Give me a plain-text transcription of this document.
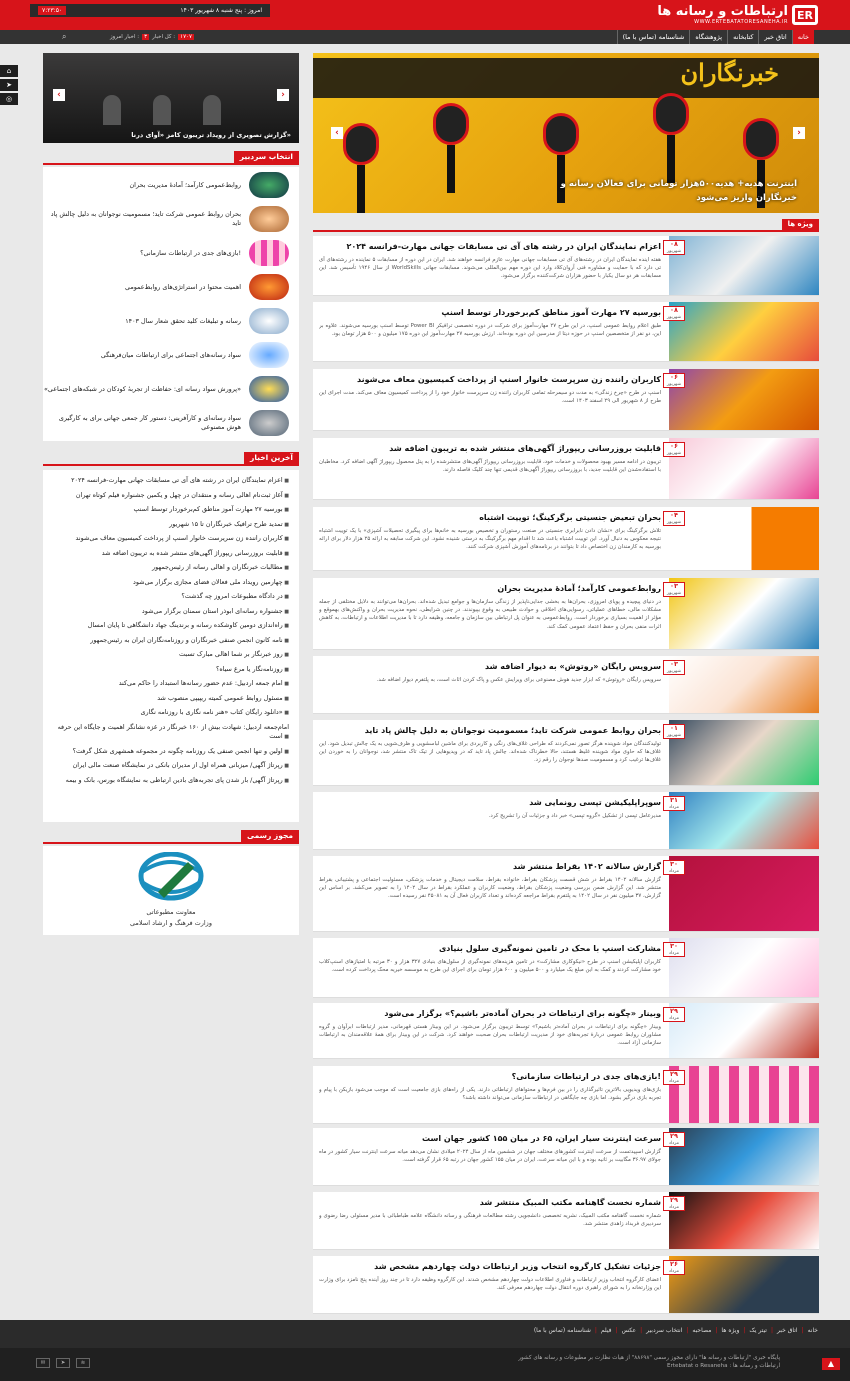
ارتباطات و رسانه ها
WWW.ERTEBATATORESANEHA.IR
ER
۷:۲۳:۵۰	امروز : پنج شنبه ۸ شهریور ۱۴۰۳
خانه
اتاق خبر
کتابخانه
پژوهشگاه
شناسنامه (تماس با ما)
اخبار امروز : ۳ کل اخبار : ۱۷۰۷
⌕
⌂
➤
◎
خبرنگاران
‹	›
اینترنت هدیه+ هدیه۵۰۰هزار تومانی برای فعالان رسانه و خبرنگاران واریز می‌شود
‹	›
گزارش تصویری از رویداد تریبون کامز «آوای درنا»
انتخاب سردبیر
روابط‌عمومی کارآمد؛ آمادهٔ مدیریت بحران
بحران روابط عمومی شرکت تاید؛ مسمومیت نوجوانان به دلیل چالش پاد تاید
بازی‌های جدی در ارتباطات سازمانی؟!
اهمیت محتوا در استراتژی‌های روابط‌عمومی
رسانه و تبلیغات کلید تحقق شعار سال ۱۴۰۳
سواد رسانه‌های اجتماعی برای ارتباطات میان‌فرهنگی
«پرورش سواد رسانه ای: حفاظت از تجربهٔ کودکان در شبکه‌های اجتماعی»
سواد رسانه‌ای و کارآفرینی: دستور کار جمعی جهانی برای به کارگیری هوش مصنوعی
آخرین اخبار
اعزام نمایندگان ایران در رشته های آی تی مسابقات جهانی مهارت-فرانسه ۲۰۲۴ ■
آغاز ثبت‌نام اهالی رسانه و منتقدان در چهل و یکمین جشنواره فیلم کوتاه تهران ■
بورسیه ۲۷ مهارت آموز مناطق کم‌برخوردار توسط اسنپ ■
تمدید طرح ترافیک خبرنگاران تا ۱۵ شهریور ■
کاربران راننده زن سریرست خانوار اسنپ از پرداخت کمیسیون معاف می‌شوند ■
قابلیت بروزرسانی ریپوراژ آگهی‌های منتشر شده به تریبون اضافه شد ■
مطالبات خبرنگاران و اهالی رسانه از رئیس‌جمهور ■
چهارمین رویداد ملی فعالان فضای مجازی برگزار می‌شود ■
در دادگاه مطبوعات امروز چه گذشت؟ ■
جشنواره رسانه‌ای ابوذر استان سمنان برگزار می‌شود ■
راه‌اندازی دومین کاوشکده رسانه و برندینگ جهاد دانشگاهی تا پایان امسال ■
نامه کانون انجمن صنفی خبرنگاران و روزنامه‌نگاران ایران به رئیس‌جمهور ■
روز خبرنگار بر شما اهالی مبارک تسبت ■
روزنامه‌نگار یا مرغ سیاه؟ ■
امام جمعه اردبیل: عدم حضور رسانه‌ها استبداد را حاکم می‌کند ■
مسئول روابط عمومی کمیته ریپیپی منصوب شد ■
دانلود رایگان کتاب «هنر نامه نگاری با روزنامه نگاری» ■
امام‌جمعه اردبیل: شهادت بیش از ۱۶۰ خبرنگار در غزه نشانگر اهمیت و جایگاه این حرفه است ■
اولین و تنها انجمن صنفی یک روزنامه چگونه در مجموعه همشهری شکل گرفت؟ ■
رپرتاژ آگهی/ میزبانی همراه اول از مدیران بانکی در نمایشگاه صنعت مالی ایران ■
رپرتاژ آگهی/ بار شدن پای تجربه‌های بادین ارتباطی به نمایشگاه بورس، بانک و بیمه ■
مجوز رسمی
معاونت مطبوعاتی
وزارت فرهنگ و ارشاد اسلامی
ویژه ها
۰۸
شهریور
اعزام نمایندگان ایران در رشته های آی تی مسابقات جهانی مهارت-فرانسه ۲۰۲۴
هفته اینده نمایندگان ایران در رشته‌های آی تی مسابقات جهانی مهارت عازم فرانسه خواهند شد. ایران در این دوره از مسابقات ۵ نماینده در رشته‌های آی تی دارد که با حمایت و مشاوره فنی آروان‌کلاد وارد این دوره مهم بین‌المللی می‌شوند. مسابقات جهانی WorldSkills از سال ۱۹۴۶ تأسیس شد. این مسابقات هر دو سال یکبار با حضور هزاران شرکت‌کننده برگزار می‌شود.
۰۸
شهریور
بورسیه ۲۷ مهارت آموز مناطق کم‌برخوردار توسط اسنپ
طبق اعلام روابط عمومی اسنپ، در این طرح ۲۷ مهارت‌آموز برای شرکت در دوره تخصصی ترافیکر Power BI توسط اسنپ بورسیه می‌شوند. علاوه بر این، دو نفر از متخصصین اسنپ در حوزه دیتا از مدرسین این دوره بوده‌اند. ارزش بورسیه ۲۷ مهارت‌آموز این دوره ۱۷۵ میلیون و ۵۰۰ هزار تومان بود.
۰۶
شهریور
کاربران راننده زن سرپرست خانوار اسنپ از پرداخت کمیسیون معاف می‌شوند
اسنپ در طرح «چرخ زندگی» به مدت دو سیمرحله تمامی کاربران راننده زن سرپرست خانوار خود را از پرداخت کمیسیون معاف می‌کند. مدت اجرای این طرح از ۸ شهریور الی ۲۹ اسفند ۱۴۰۳ است.
۰۶
شهریور
قابلیت بروزرسانی ریپوراژ آگهی‌های منتشر شده به تریبون اضافه شد
تریبون در ادامه مسیر بهبود محصولات و خدمات خود، قابلیت بروزرسانی ریپوراژ آگهی‌های منتشرشده را به پنل محصول ریپوراژ آگهی اضافه کرد. مخاطبان با استفاده‌شدن این قابلیت جدید، با بروزرسانی ریپوراژ آگهی‌های قدیمی تنها چند کلیک فاصله دارند.
۰۴
شهریور
بحران تبعیض جنسیتی برگرکینگ؛ توییت اشتباه
تلاش برگرکینگ برای «نشان دادن نابرابری جنسیتی در صنعت رستوران و تخصیص بورسیه به خانم‌ها برای پیگیری تحصیلات آشپزی» با یک توییت اشتباه نتیجه معکوس به دنبال آورد. این توییت اشتباه باعث شد تا اقدام مهم برگرکینگ به درستی شنیده نشود. این شرکت سابقه به ارائه ۲۵ هزار دلار برای ارائه بورسیه به کارمندان زن اختصاص داد تا بتوانند در برنامه‌های آموزش آشپزی شرکت کنند.
۰۳
شهریور
روابط‌عمومی کارآمد؛ آمادهٔ مدیریت بحران
در دنیای پیچیده و پویای امروزی، بحران‌ها به بخشی جدایی‌ناپذیر از زندگی سازمان‌ها و جوامع تبدیل شده‌اند. بحران‌ها می‌توانند به دلایل مختلفی از جمله مشکلات مالی، خطاهای عملیاتی، رسوایی‌های اخلاقی و حوادث طبیعی به وقوع بپیوندند. در چنین شرایطی، نحوه مدیریت بحران و واکنش‌های بهموقع و مؤثر از اهمیت بسیاری برخوردار است. روابط‌عمومی به عنوان پل ارتباطی بین سازمان و جامعه، وظیفه دارد تا با مدیریت اطلاعات و ارتباطات، به کاهش اثرات منفی بحران و حفظ اعتماد عمومی کمک کند.
۰۳
شهریور
سرویس رایگان «روتوش» به دیوار اضافه شد
سرویس رایگان «روتوش» که ابزار جدید هوش مصنوعی برای ویرایش عکس و پاک کردن اثاث است، به پلتفرم دیوار اضافه شد.
۰۱
شهریور
بحران روابط عمومی شرکت تاید؛ مسمومیت نوجوانان به دلیل چالش پاد تاید
تولیدکنندگان مواد شوینده هرگز تصور نمی‌کردند که طراحی غلاف‌های رنگی و کاربردی برای ماشین لباسشویی و ظرف‌شویی به یک چالش تبدیل شود. این غلاف‌ها که حاوی مواد شوینده غلیظ هستند، حالا خطرناک شده‌اند. چالش پاد تاید که در ویدیوهایی از تیک تاک منتشر شد، نوجوانان را به خوردن این غلاف‌ها ترغیب کرد و مسمومیت صدها نوجوان را رقم زد.
۳۱
مرداد
سوپراپلیکیشن تپسی رونمایی شد
مدیرعامل تپسی از تشکیل «گروه تپسی» خبر داد و جزئیات آن را تشریح کرد.
۳۰
مرداد
گزارش سالانه ۱۴۰۲ بقراط منتشر شد
گزارش سالانه ۱۴۰۲ بقراط در شش قسمت پزشکان بقراط، خانواده بقراط، سلامت دیجیتال و خدمات پزشکی، مسئولیت اجتماعی و پشتیبانی بقراط منتشر شد. این گزارش ضمن بررسی وضعیت پزشکان بقراط، وضعیت کاربران و عملکرد بقراط در سال ۱۴۰۲ را به تصویر می‌کشد. بر اساس این گزارش، ۳۷ میلیون نفر در سال ۱۴۰۲ به پلتفرم بقراط مراجعه کرده‌اند و تعداد کاربران فعال آن به ۴۵۰۸۱ نفر رسیده است.
۳۰
مرداد
مشارکت اسنپ با محک در تامین نمونه‌گیری سلول بنیادی
کاربران اپلیکیشن اسنپ در طرح «نیکوکاری مشارکت» در تامین هزینه‌های نمونه‌گیری از سلول‌های بنیادی ۳۲۷ هزار و ۳۰ مرتبه با امتیازهای اسنپ‌کلاب خود مشارکت کردند و کمک به این مبلغ یک میلیارد و ۵۰۰ میلیون و ۶۰۰ هزار تومان برای اجرای این طرح به موسسه خیریه محک پرداخت کرده است.
۲۹
مرداد
وبینار «چگونه برای ارتباطات در بحران آماده‌تر باشیم؟» برگزار می‌شود
وبینار «چگونه برای ارتباطات در بحران آماده‌تر باشیم؟» توسط تریبون برگزار می‌شود. در این وبینار هستی قهرمانی، مدیر ارتباطات ابرآوان و گروه مشاوران روابط عمومی دربارهٔ تجربه‌های خود از مدیریت ارتباطات بحران صحبت خواهند کرد. شرکت در این وبینار برای همهٔ علاقه‌مندان به ارتباطات سازمانی آزاد است.
۲۹
مرداد
بازی‌های جدی در ارتباطات سازمانی؟!
بازی‌های ویدیویی بالاترین تاثیرگذاری را در بین فرم‌ها و محتواهای ارتباطاتی دارند. یکی از راه‌های بازی جامعیت است که موجب می‌شود بازیکن با پیام و تجربه بازی درگیر بشود. اما بازی چه جایگاهی در ارتباطات سازمانی می‌تواند داشته باشد؟
۲۹
مرداد
سرعت اینترنت سیار ایران، ۶۵ در میان ۱۵۵ کشور جهان است
گزارش اسپیدتست از سرعت اینترنت کشورهای مختلف جهان در ششمین ماه از سال ۲۰۲۴ میلادی نشان می‌دهد میانه سرعت اینترنت سیار کشور در ماه جولای ۳۶.۹۷ مگابیت بر ثانیه بوده و با این میانه سرعت، ایران در میان ۱۵۵ کشور جهان در رتبه ۶۵ قرار گرفته است.
۲۹
مرداد
شماره نخست گاهنامه مکتب المبیک منتشر شد
شماره نخست گاهنامه مکتب المبیک، نشریه تخصصی دانشجویی رشته مطالعات فرهنگی و رسانه دانشگاه علامه طباطبائی با مدیر مسئولی رضا رضوی و سردبیری فربداد زاهدی منتشر شد.
۲۶
مرداد
جزئیات تشکیل کارگروه انتخاب وزیر ارتباطات دولت چهاردهم مشخص شد
اعضای کارگروه انتخاب وزیر ارتباطات و فناوری اطلاعات دولت چهاردهم مشخص شدند. این کارگروه وظیفه دارد تا در چند روز آینده پنج نامزد برای وزارت این وزارتخانه را به شورای راهبری دوره انتقال دولت چهاردهم معرفی کند.
خانه
|
اتاق خبر
|
تیتر یک
|
ویژه ها
|
مصاحبه
|
انتخاب سردبیر
|
عکس
|
فیلم
|
شناسنامه (تماس با ما)
پایگاه خبری "ارتباطات و رسانه ها" دارای مجوز رسمی "۸۸۶۹۸" از هیات نظارت بر مطبوعات و رسانه های کشور
Ertebatat o Resaneha : ارتباطات و رسانه ها	▲
✉	➤	≋
